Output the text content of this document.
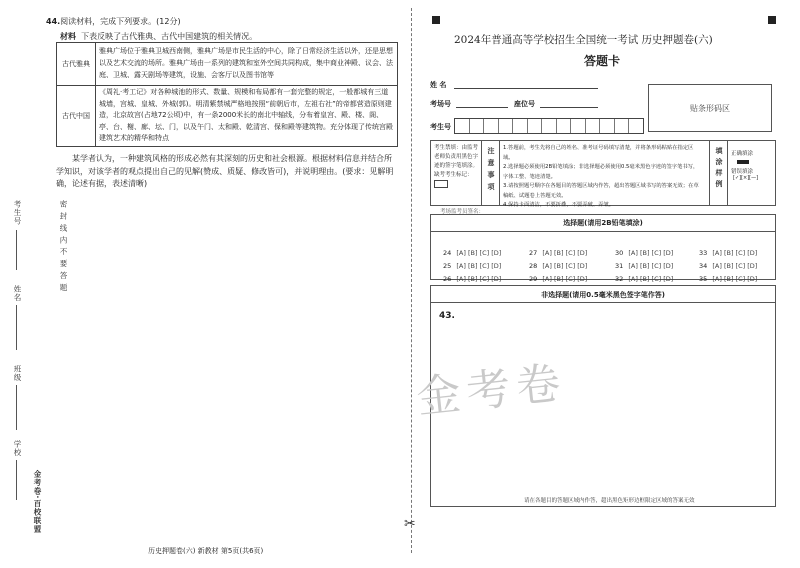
密 封 线 内 不 要 答 题
考生号
姓名
班级
学校
金考卷·百校联盟
44.阅读材料，完成下列要求。(12分)
材料 下表反映了古代雅典、古代中国建筑的相关情况。
古代雅典
雅典广场位于雅典卫城西南侧，雅典广场是市民生活的中心，除了日常经济生活以外，还是思想以及艺术交流的场所。雅典广场由一系列的建筑和室外空间共同构成，集中商业神殿、议会、法庭、卫城、露天剧场等建筑，设施、会客厅以及图书馆等
古代中国
《周礼·考工记》对各种城池的形式、数量、规模和布局都有一套完整的规定，一般都城有三道城墙，宫城、皇城、外城(郭)。明清紫禁城严格地按照“前朝后市，左祖右社”的帝都营造原则建造，北京故宫(占地72公顷)中，有一条2000米长的南北中轴线，分布着皇宫、殿、楼、阁、亭、台、榭、廊、坛、门，以及午门、太和殿、乾清宫、保和殿等建筑物。充分体现了传统宫殿建筑艺术的精华和特点
某学者认为，一种建筑风格的形成必然有其深刻的历史和社会根源。根据材料信息并结合所学知识，对该学者的观点提出自己的见解(赞成、质疑、修改皆可)，并说明理由。(要求：见解明确，论述有据，表述清晰)
历史押题卷(六) 新教材 第5页(共6页)
✂
2024年普通高等学校招生全国统一考试 历史押题卷(六)
答题卡
姓 名
考场号	座位号
考生号
贴条形码区
考生禁填：由监考老师负责用黑色字迹的签字笔填涂。缺考考生标记：	注意事项 1.答题前，考生先将自己的姓名、准考证号码填写清楚，并将条形码粘贴在指定区域。
2.选择题必须使用2B铅笔填涂；非选择题必须使用0.5毫米黑色字迹的签字笔书写，字体工整、笔迹清楚。
3.请按照题号顺序在各题目的答题区域内作答，超出答题区域书写的答案无效；在草稿纸、试题卷上答题无效。
4.保持卡面清洁，不要折叠，不要弄破、弄皱。
填涂样例 正确填涂
错误填涂
[✓][×][—]
考场监考员签名：
选择题(请用2B铅笔填涂)
24 [A] [B] [C] [D]
25 [A] [B] [C] [D]
26 [A] [B] [C] [D]
27 [A] [B] [C] [D]
28 [A] [B] [C] [D]
29 [A] [B] [C] [D]
30 [A] [B] [C] [D]
31 [A] [B] [C] [D]
32 [A] [B] [C] [D]
33 [A] [B] [C] [D]
34 [A] [B] [C] [D]
35 [A] [B] [C] [D]
非选择题(请用0.5毫米黑色签字笔作答)
43.
金考卷
请在各题目的答题区域内作答，超出黑色矩形边框限定区域的答案无效
